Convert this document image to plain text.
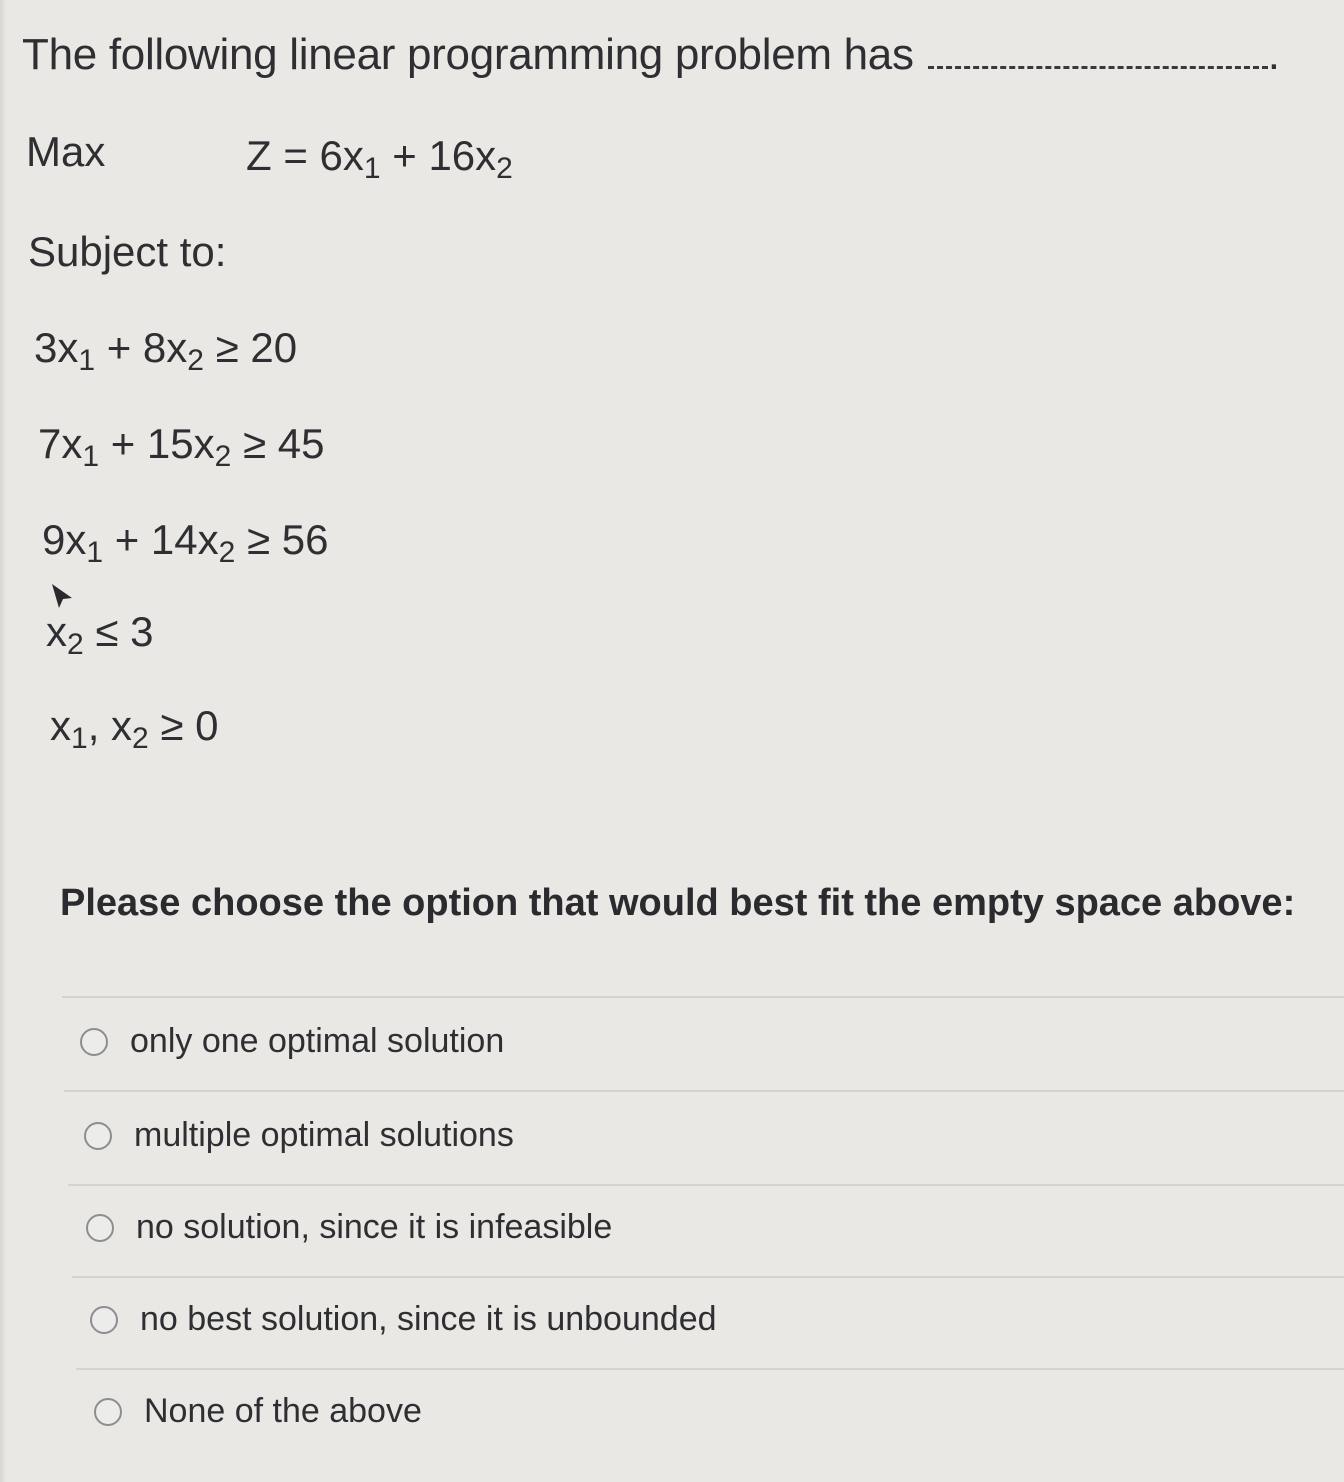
The following linear programming problem has	.
Max	$Z = 6x_1 + 16x_2$
Subject to:
$3x_1 + 8x_2 \ge 20$
$7x_1 + 15x_2 \ge 45$
$9x_1 + 14x_2 \ge 56$
$x_2 \le 3$
$x_1$, $x_2 \ge 0$
Please choose the option that would best fit the empty space above:
only one optimal solution
multiple optimal solutions
no solution, since it is infeasible
no best solution, since it is unbounded
None of the above
